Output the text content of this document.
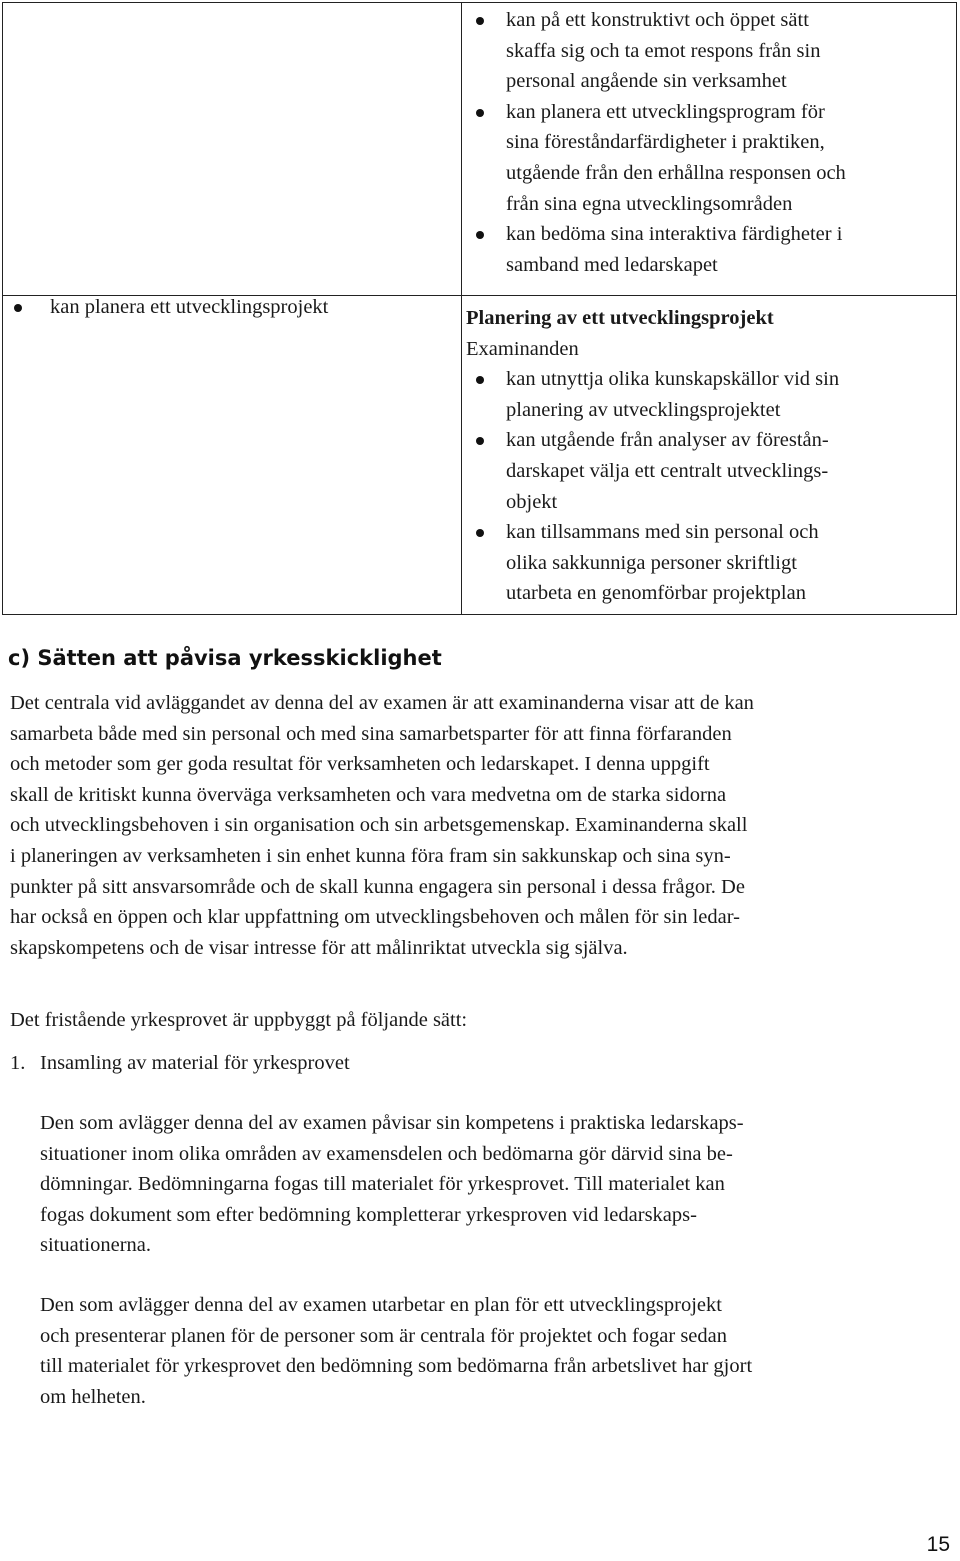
kan på ett konstruktivt och öppet sätt
skaffa sig och ta emot respons från sin
personal angående sin verksamhet
kan planera ett utvecklingsprogram för
sina föreståndarfärdigheter i praktiken,
utgående från den erhållna responsen och
från sina egna utvecklingsområden
kan bedöma sina interaktiva färdigheter i
samband med ledarskapet
kan planera ett utvecklingsprojekt	Planering av ett utvecklingsprojekt
Examinanden
kan utnyttja olika kunskapskällor vid sin
planering av utvecklingsprojektet
kan utgående från analyser av förestån-
darskapet välja ett centralt utvecklings-
objekt
kan tillsammans med sin personal och
olika sakkunniga personer skriftligt
utarbeta en genomförbar projektplan
c) Sätten att påvisa yrkesskicklighet
Det centrala vid avläggandet av denna del av examen är att examinanderna visar att de kan
samarbeta både med sin personal och med sina samarbetsparter för att finna förfaranden
och metoder som ger goda resultat för verksamheten och ledarskapet. I denna uppgift
skall de kritiskt kunna överväga verksamheten och vara medvetna om de starka sidorna
och utvecklingsbehoven i sin organisation och sin arbetsgemenskap. Examinanderna skall
i planeringen av verksamheten i sin enhet kunna föra fram sin sakkunskap och sina syn-
punkter på sitt ansvarsområde och de skall kunna engagera sin personal i dessa frågor. De
har också en öppen och klar uppfattning om utvecklingsbehoven och målen för sin ledar-
skapskompetens och de visar intresse för att målinriktat utveckla sig själva.
Det fristående yrkesprovet är uppbyggt på följande sätt:
1. Insamling av material för yrkesprovet
Den som avlägger denna del av examen påvisar sin kompetens i praktiska ledarskaps-
situationer inom olika områden av examensdelen och bedömarna gör därvid sina be-
dömningar. Bedömningarna fogas till materialet för yrkesprovet. Till materialet kan
fogas dokument som efter bedömning kompletterar yrkesproven vid ledarskaps-
situationerna.
Den som avlägger denna del av examen utarbetar en plan för ett utvecklingsprojekt
och presenterar planen för de personer som är centrala för projektet och fogar sedan
till materialet för yrkesprovet den bedömning som bedömarna från arbetslivet har gjort
om helheten.
15
